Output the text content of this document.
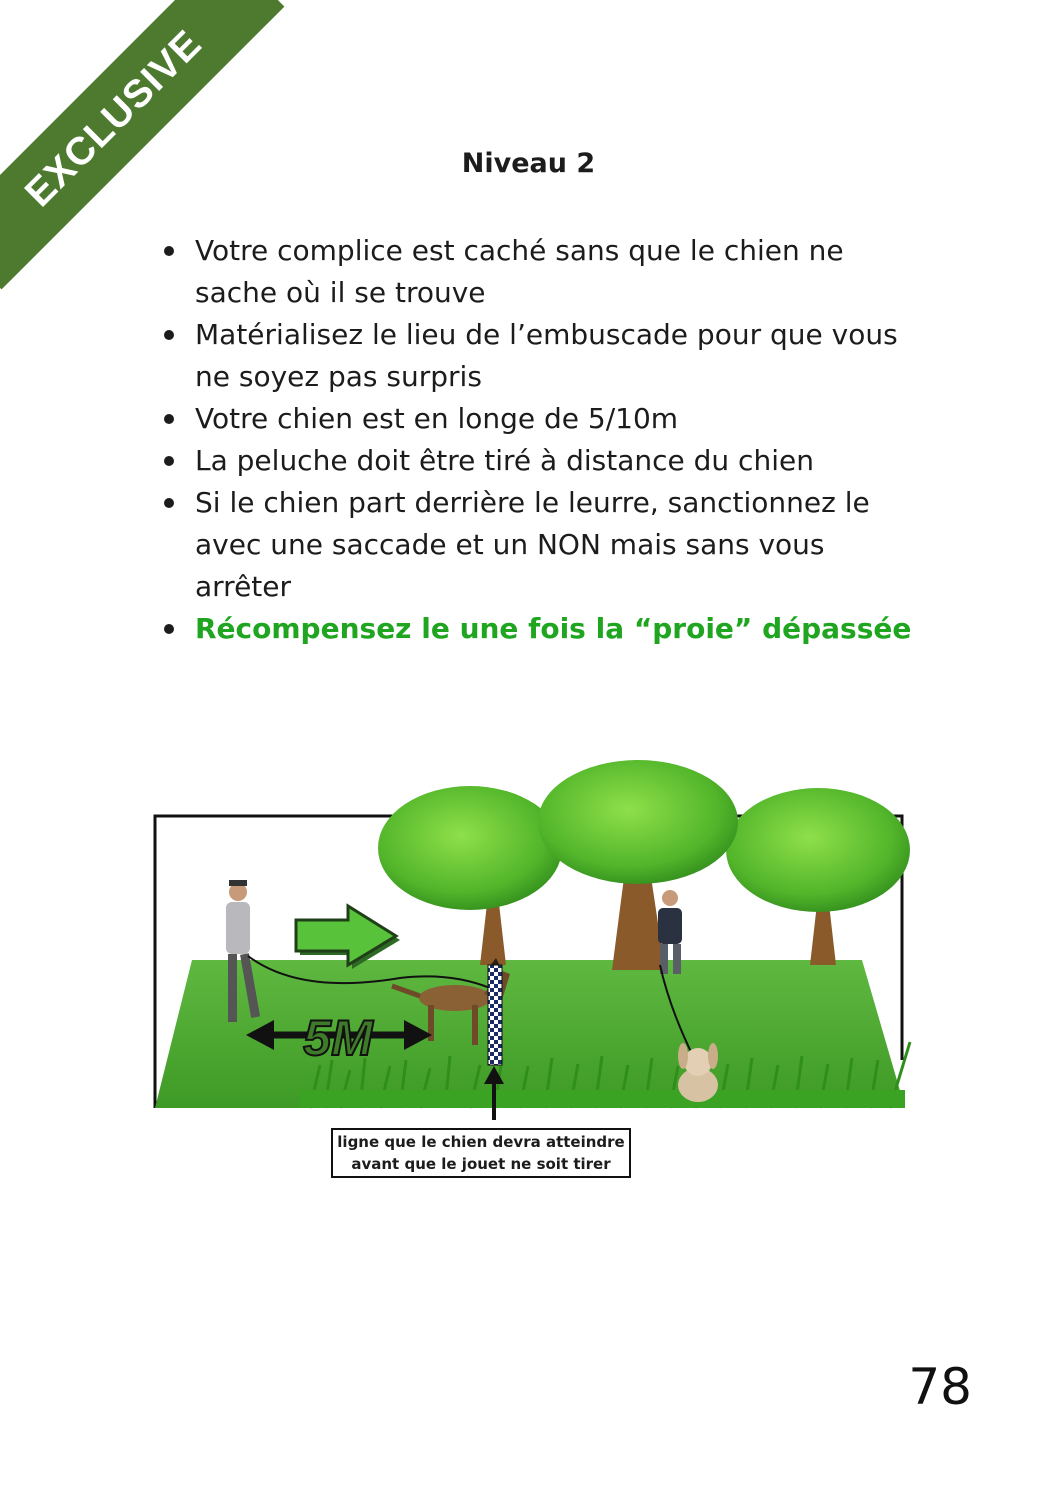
EXCLUSIVE	Niveau 2
Votre complice est caché sans que le chien ne sache où il se trouve
Matérialisez le lieu de l’embuscade pour que vous ne soyez pas surpris
Votre chien est en longe de 5/10m
La peluche doit être tiré à distance du chien
Si le chien part derrière le leurre, sanctionnez le avec une saccade et un NON mais sans vous arrêter
Récompensez le une fois la “proie” dépassée
5M
ligne que le chien devra atteindre
avant que le jouet ne soit tirer
78
